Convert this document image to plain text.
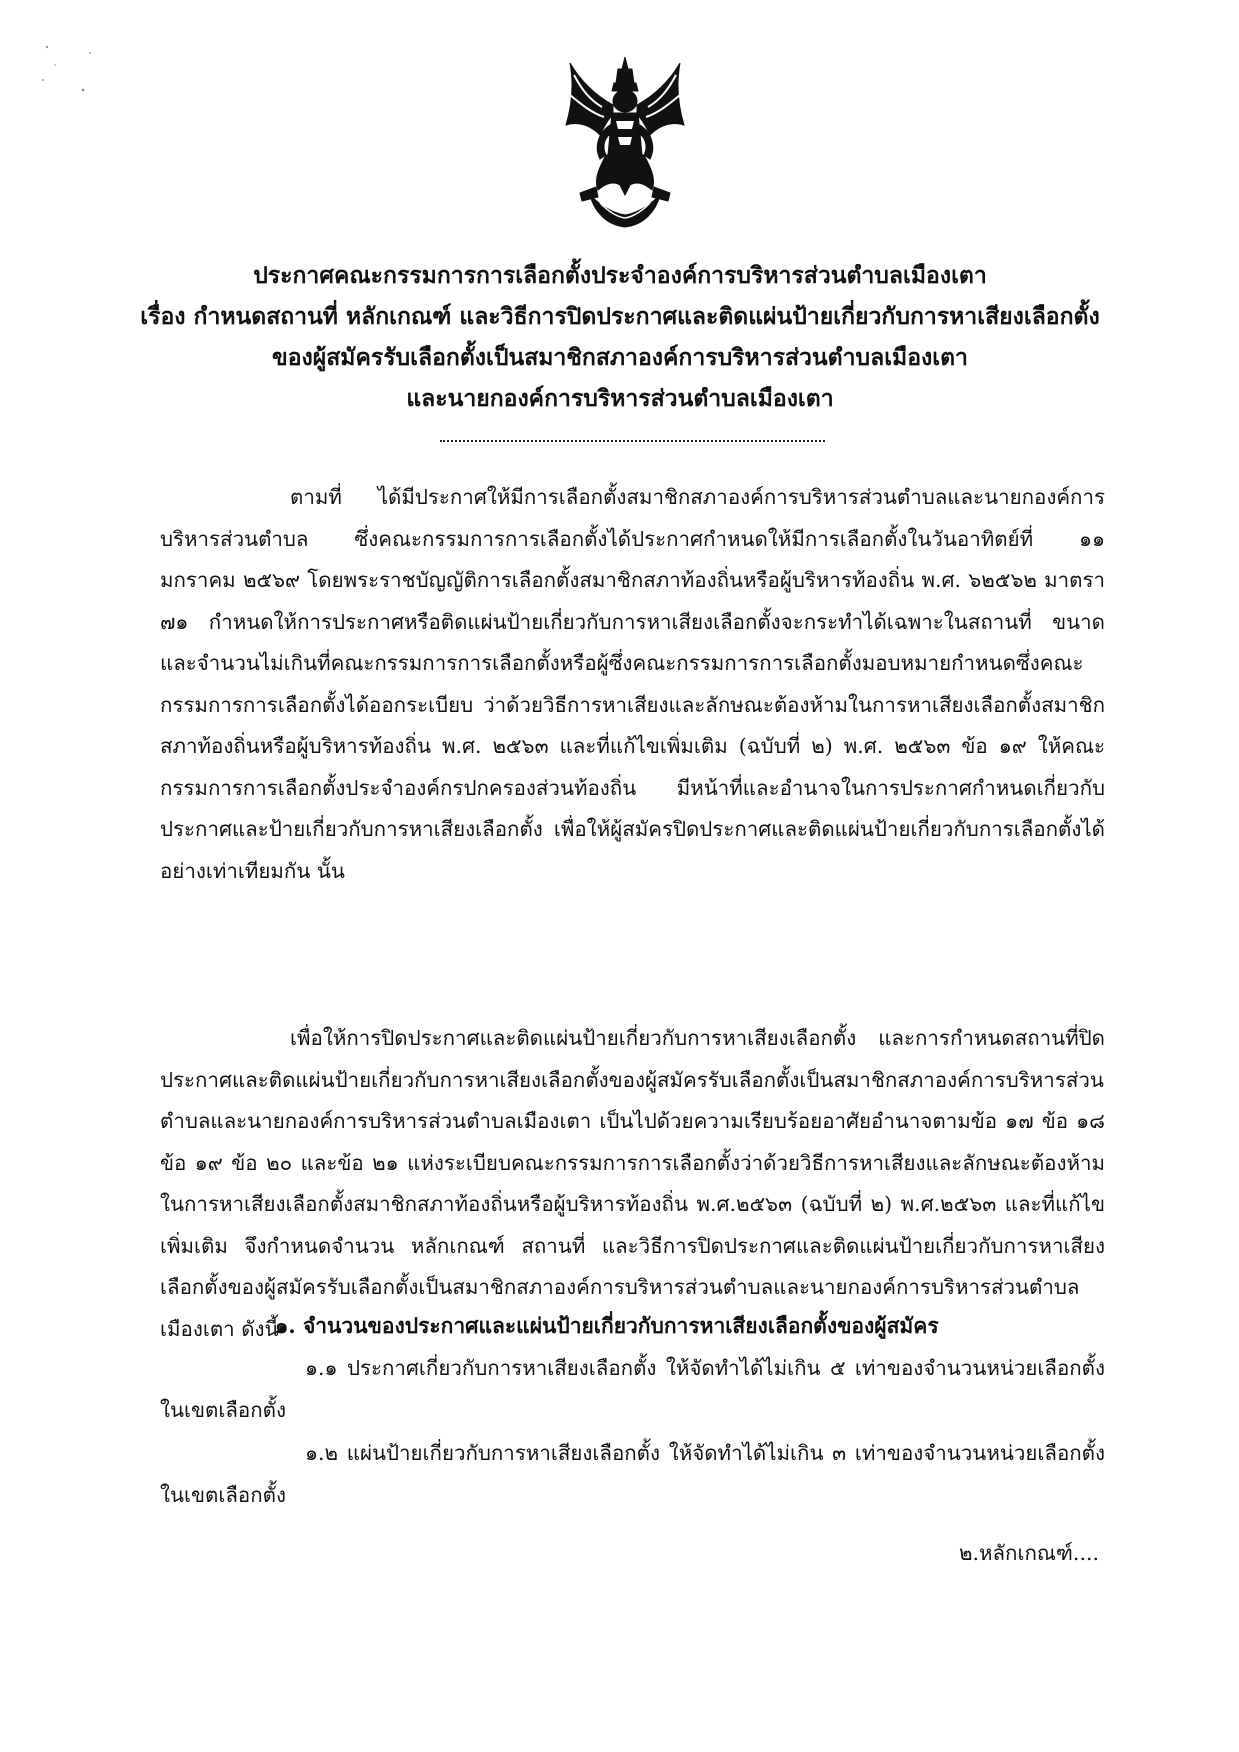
ประกาศคณะกรรมการการเลือกตั้งประจำองค์การบริหารส่วนตำบลเมืองเตา
เรื่อง กำหนดสถานที่ หลักเกณฑ์ และวิธีการปิดประกาศและติดแผ่นป้ายเกี่ยวกับการหาเสียงเลือกตั้ง
ของผู้สมัครรับเลือกตั้งเป็นสมาชิกสภาองค์การบริหารส่วนตำบลเมืองเตา
และนายกองค์การบริหารส่วนตำบลเมืองเตา

ตามที่ ได้มีประกาศให้มีการเลือกตั้งสมาชิกสภาองค์การบริหารส่วนตำบลและนายกองค์การบริหารส่วนตำบล ซึ่งคณะกรรมการการเลือกตั้งได้ประกาศกำหนดให้มีการเลือกตั้งในวันอาทิตย์ที่ ๑๑ มกราคม ๒๕๖๙ โดยพระราชบัญญัติการเลือกตั้งสมาชิกสภาท้องถิ่นหรือผู้บริหารท้องถิ่น พ.ศ. ๖๒๕๖๒ มาตรา ๗๑ กำหนดให้การประกาศหรือติดแผ่นป้ายเกี่ยวกับการหาเสียงเลือกตั้งจะกระทำได้เฉพาะในสถานที่ ขนาดและจำนวนไม่เกินที่คณะกรรมการการเลือกตั้งหรือผู้ซึ่งคณะกรรมการการเลือกตั้งมอบหมายกำหนดซึ่งคณะกรรมการการเลือกตั้งได้ออกระเบียบ ว่าด้วยวิธีการหาเสียงและลักษณะต้องห้ามในการหาเสียงเลือกตั้งสมาชิกสภาท้องถิ่นหรือผู้บริหารท้องถิ่น พ.ศ. ๒๕๖๓ และที่แก้ไขเพิ่มเติม (ฉบับที่ ๒) พ.ศ. ๒๕๖๓ ข้อ ๑๙ ให้คณะกรรมการการเลือกตั้งประจำองค์กรปกครองส่วนท้องถิ่น มีหน้าที่และอำนาจในการประกาศกำหนดเกี่ยวกับประกาศและป้ายเกี่ยวกับการหาเสียงเลือกตั้ง เพื่อให้ผู้สมัครปิดประกาศและติดแผ่นป้ายเกี่ยวกับการเลือกตั้งได้อย่างเท่าเทียมกัน นั้น

เพื่อให้การปิดประกาศและติดแผ่นป้ายเกี่ยวกับการหาเสียงเลือกตั้ง และการกำหนดสถานที่ปิดประกาศและติดแผ่นป้ายเกี่ยวกับการหาเสียงเลือกตั้งของผู้สมัครรับเลือกตั้งเป็นสมาชิกสภาองค์การบริหารส่วนตำบลและนายกองค์การบริหารส่วนตำบลเมืองเตา เป็นไปด้วยความเรียบร้อยอาศัยอำนาจตามข้อ ๑๗ ข้อ ๑๘ ข้อ ๑๙ ข้อ ๒๐ และข้อ ๒๑ แห่งระเบียบคณะกรรมการการเลือกตั้งว่าด้วยวิธีการหาเสียงและลักษณะต้องห้ามในการหาเสียงเลือกตั้งสมาชิกสภาท้องถิ่นหรือผู้บริหารท้องถิ่น พ.ศ.๒๕๖๓ (ฉบับที่ ๒) พ.ศ.๒๕๖๓ และที่แก้ไขเพิ่มเติม จึงกำหนดจำนวน หลักเกณฑ์ สถานที่ และวิธีการปิดประกาศและติดแผ่นป้ายเกี่ยวกับการหาเสียงเลือกตั้งของผู้สมัครรับเลือกตั้งเป็นสมาชิกสภาองค์การบริหารส่วนตำบลและนายกองค์การบริหารส่วนตำบลเมืองเตา ดังนี้

๑. จำนวนของประกาศและแผ่นป้ายเกี่ยวกับการหาเสียงเลือกตั้งของผู้สมัคร

๑.๑ ประกาศเกี่ยวกับการหาเสียงเลือกตั้ง ให้จัดทำได้ไม่เกิน ๕ เท่าของจำนวนหน่วยเลือกตั้งในเขตเลือกตั้ง

๑.๒ แผ่นป้ายเกี่ยวกับการหาเสียงเลือกตั้ง ให้จัดทำได้ไม่เกิน ๓ เท่าของจำนวนหน่วยเลือกตั้งในเขตเลือกตั้ง

๒.หลักเกณฑ์....
